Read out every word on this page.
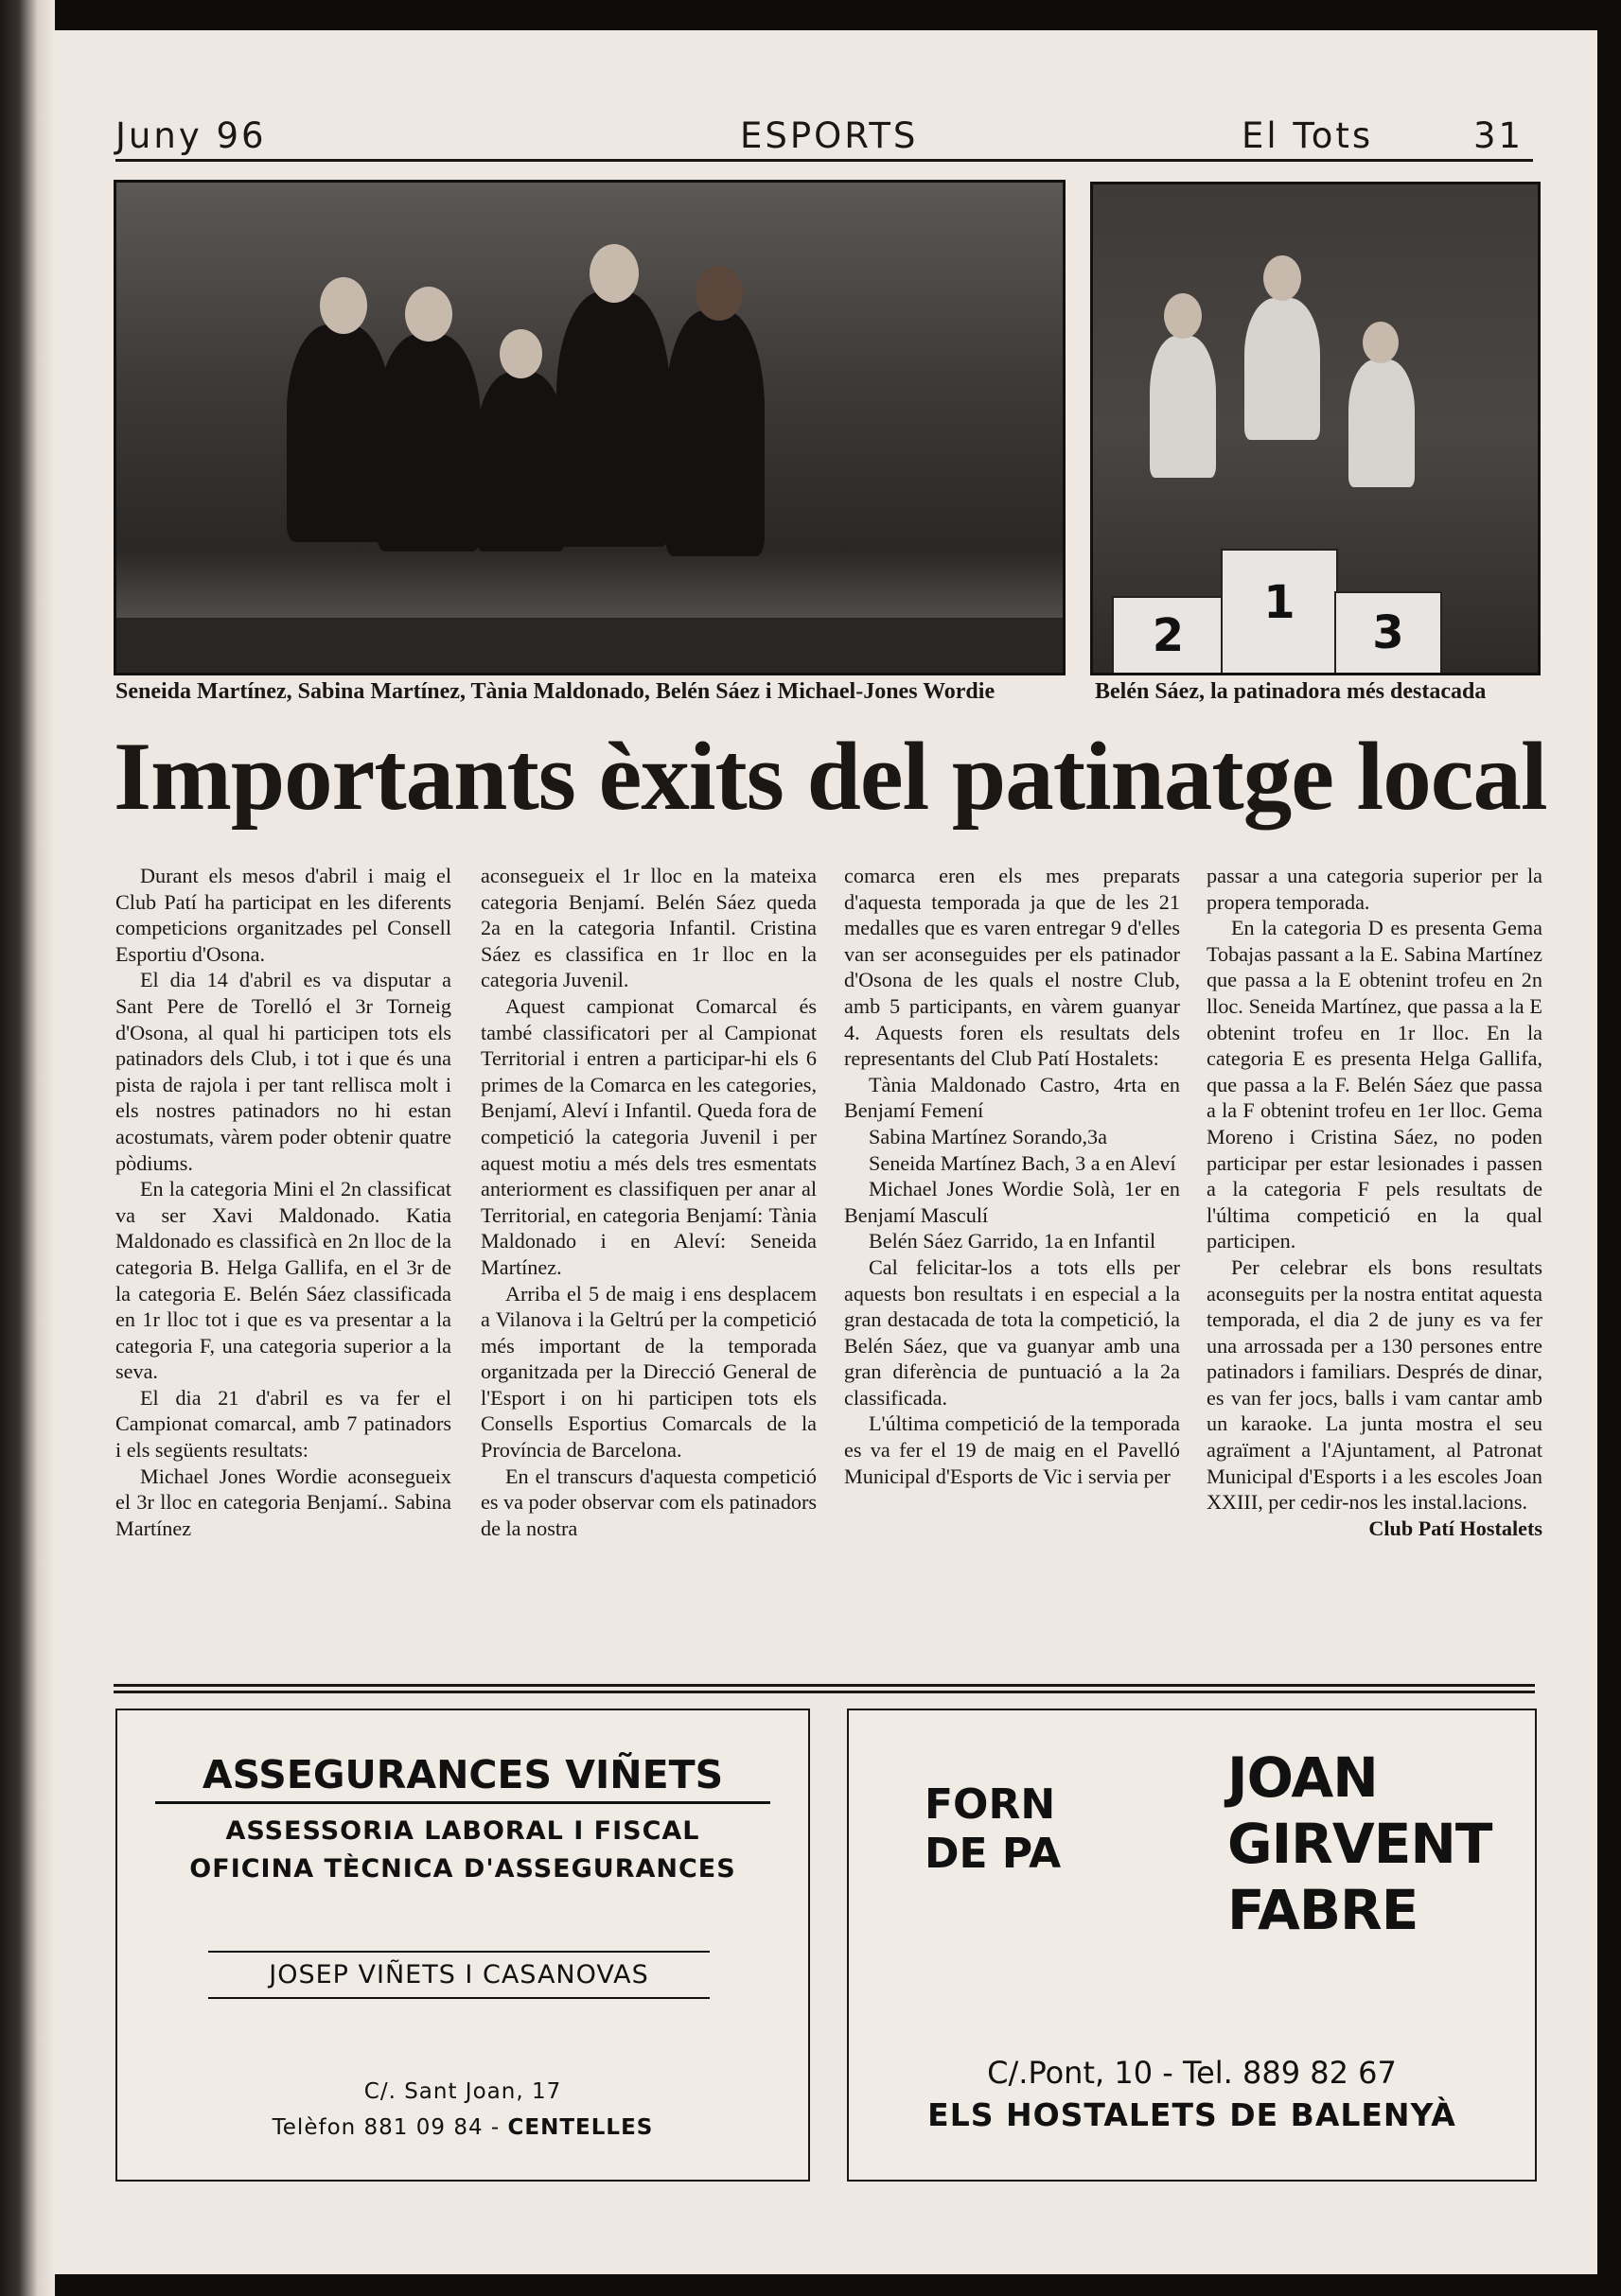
Juny 96	ESPORTS	El Tots	31
2
1
3
Seneida Martínez, Sabina Martínez, Tània Maldonado, Belén Sáez i Michael-Jones Wordie	Belén Sáez, la patinadora més destacada
Importants èxits del patinatge local

Durant els mesos d'abril i maig el Club Patí ha participat en les diferents competicions organitzades pel Consell Esportiu d'Osona.

El dia 14 d'abril es va disputar a Sant Pere de Torelló el 3r Torneig d'Osona, al qual hi participen tots els patinadors dels Club, i tot i que és una pista de rajola i per tant rellisca molt i els nostres patinadors no hi estan acostumats, vàrem poder obtenir quatre pòdiums.

En la categoria Mini el 2n classificat va ser Xavi Maldonado. Katia Maldonado es classificà en 2n lloc de la categoria B. Helga Gallifa, en el 3r de la categoria E. Belén Sáez classificada en 1r lloc tot i que es va presentar a la categoria F, una categoria superior a la seva.

El dia 21 d'abril es va fer el Campionat comarcal, amb 7 patinadors i els següents resultats:

Michael Jones Wordie aconsegueix el 3r lloc en categoria Benjamí.. Sabina Martínez

aconsegueix el 1r lloc en la mateixa categoria Benjamí. Belén Sáez queda 2a en la categoria Infantil. Cristina Sáez es classifica en 1r lloc en la categoria Juvenil.

Aquest campionat Comarcal és també classificatori per al Campionat Territorial i entren a participar-hi els 6 primes de la Comarca en les categories, Benjamí, Aleví i Infantil. Queda fora de competició la categoria Juvenil i per aquest motiu a més dels tres esmentats anteriorment es classifiquen per anar al Territorial, en categoria Benjamí: Tània Maldonado i en Aleví: Seneida Martínez.

Arriba el 5 de maig i ens desplacem a Vilanova i la Geltrú per la competició més important de la temporada organitzada per la Direcció General de l'Esport i on hi participen tots els Consells Esportius Comarcals de la Província de Barcelona.

En el transcurs d'aquesta competició es va poder observar com els patinadors de la nostra

comarca eren els mes preparats d'aquesta temporada ja que de les 21 medalles que es varen entregar 9 d'elles van ser aconseguides per els patinador d'Osona de les quals el nostre Club, amb 5 participants, en vàrem guanyar 4. Aquests foren els resultats dels representants del Club Patí Hostalets:

Tània Maldonado Castro, 4rta en Benjamí Femení

Sabina Martínez Sorando,3a

Seneida Martínez Bach, 3 a en Aleví

Michael Jones Wordie Solà, 1er en Benjamí Masculí

Belén Sáez Garrido, 1a en Infantil

Cal felicitar-los a tots ells per aquests bon resultats i en especial a la gran destacada de tota la competició, la Belén Sáez, que va guanyar amb una gran diferència de puntuació a la 2a classificada.

L'última competició de la temporada es va fer el 19 de maig en el Pavelló Municipal d'Esports de Vic i servia per

passar a una categoria superior per la propera temporada.

En la categoria D es presenta Gema Tobajas passant a la E. Sabina Martínez que passa a la E obtenint trofeu en 2n lloc. Seneida Martínez, que passa a la E obtenint trofeu en 1r lloc. En la categoria E es presenta Helga Gallifa, que passa a la F. Belén Sáez que passa a la F obtenint trofeu en 1er lloc. Gema Moreno i Cristina Sáez, no poden participar per estar lesionades i passen a la categoria F pels resultats de l'última competició en la qual participen.

Per celebrar els bons resultats aconseguits per la nostra entitat aquesta temporada, el dia 2 de juny es va fer una arrossada per a 130 persones entre patinadors i familiars. Després de dinar, es van fer jocs, balls i vam cantar amb un karaoke. La junta mostra el seu agraïment a l'Ajuntament, al Patronat Municipal d'Esports i a les escoles Joan XXIII, per cedir-nos les instal.lacions.

Club Patí Hostalets

ASSEGURANCES VIÑETS
ASSESSORIA LABORAL I FISCAL
OFICINA TÈCNICA D'ASSEGURANCES
JOSEP VIÑETS I CASANOVAS
C/. Sant Joan, 17
Telèfon 881 09 84 - CENTELLES
FORN
DE PA
JOAN
GIRVENT
FABRE
C/.Pont, 10 - Tel. 889 82 67
ELS HOSTALETS DE BALENYÀ
